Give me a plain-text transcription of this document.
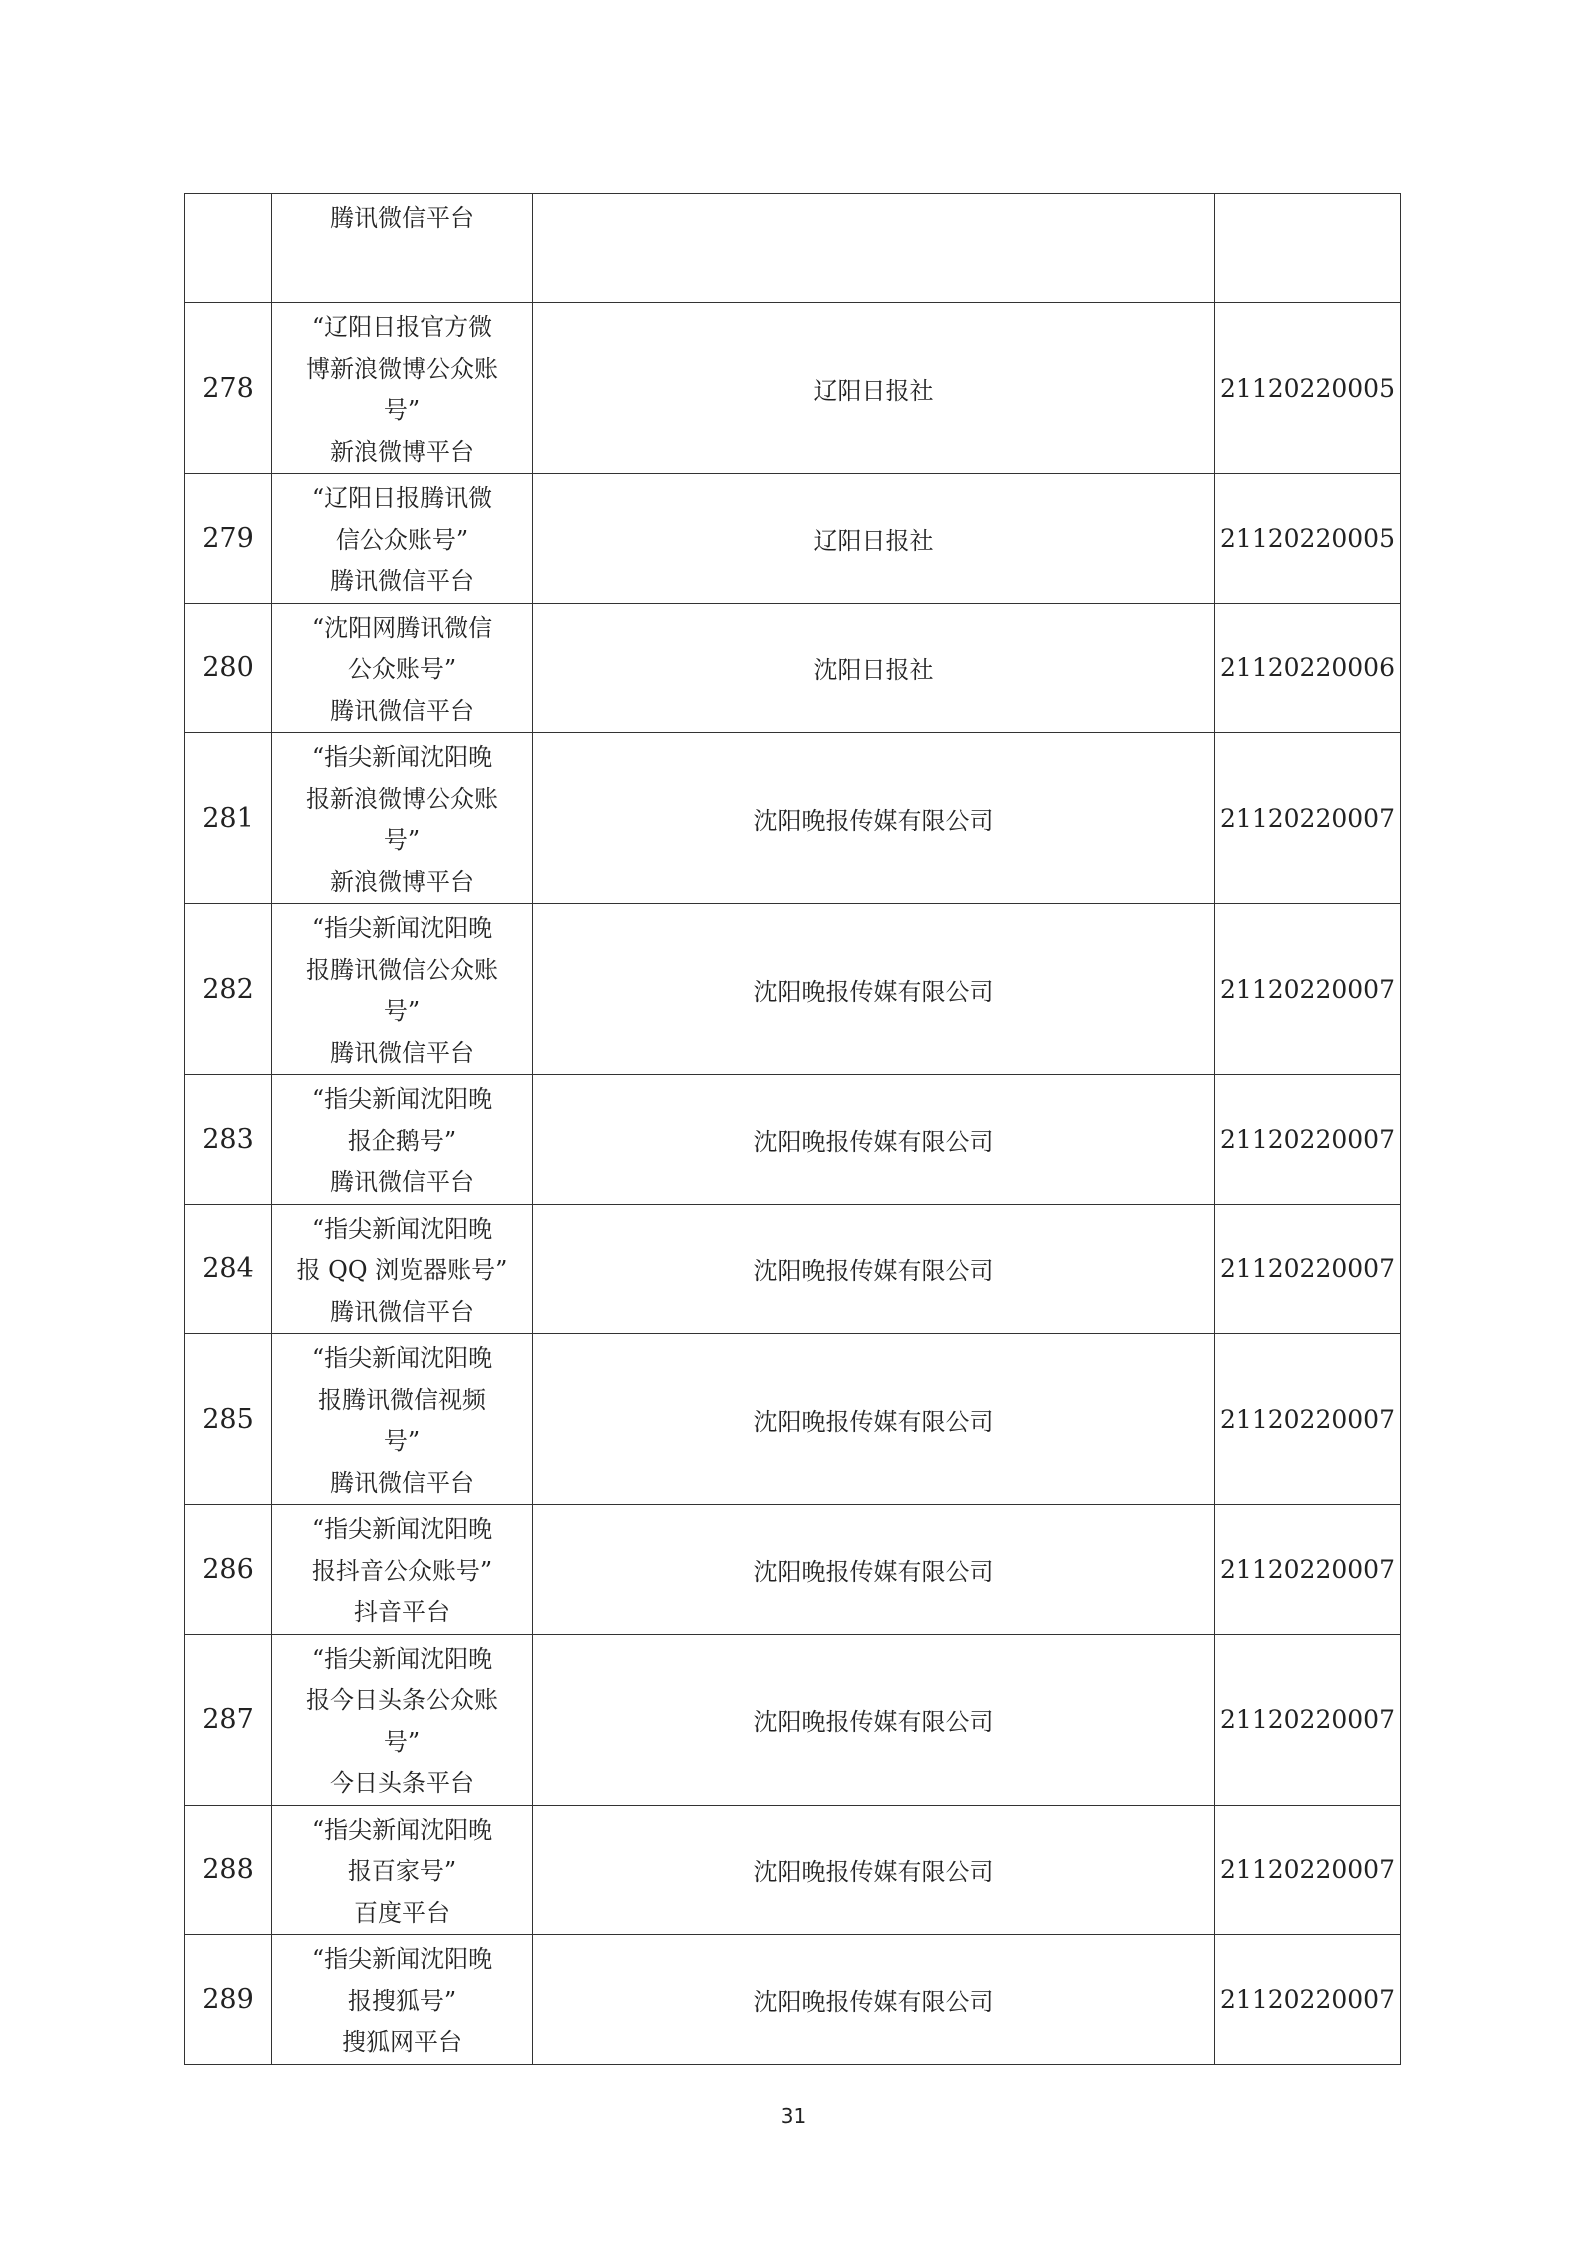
	腾讯微信平台		

278	“辽阳日报官方微
博新浪微博公众账
号”
新浪微博平台	辽阳日报社	21120220005
279	“辽阳日报腾讯微
信公众账号”
腾讯微信平台	辽阳日报社	21120220005
280	“沈阳网腾讯微信
公众账号”
腾讯微信平台	沈阳日报社	21120220006
281	“指尖新闻沈阳晚
报新浪微博公众账
号”
新浪微博平台	沈阳晚报传媒有限公司	21120220007
282	“指尖新闻沈阳晚
报腾讯微信公众账
号”
腾讯微信平台	沈阳晚报传媒有限公司	21120220007
283	“指尖新闻沈阳晚
报企鹅号”
腾讯微信平台	沈阳晚报传媒有限公司	21120220007
284	“指尖新闻沈阳晚
报 QQ 浏览器账号”
腾讯微信平台	沈阳晚报传媒有限公司	21120220007
285	“指尖新闻沈阳晚
报腾讯微信视频
号”
腾讯微信平台	沈阳晚报传媒有限公司	21120220007
286	“指尖新闻沈阳晚
报抖音公众账号”
抖音平台	沈阳晚报传媒有限公司	21120220007
287	“指尖新闻沈阳晚
报今日头条公众账
号”
今日头条平台	沈阳晚报传媒有限公司	21120220007
288	“指尖新闻沈阳晚
报百家号”
百度平台	沈阳晚报传媒有限公司	21120220007
289	“指尖新闻沈阳晚
报搜狐号”
搜狐网平台	沈阳晚报传媒有限公司	21120220007
31
